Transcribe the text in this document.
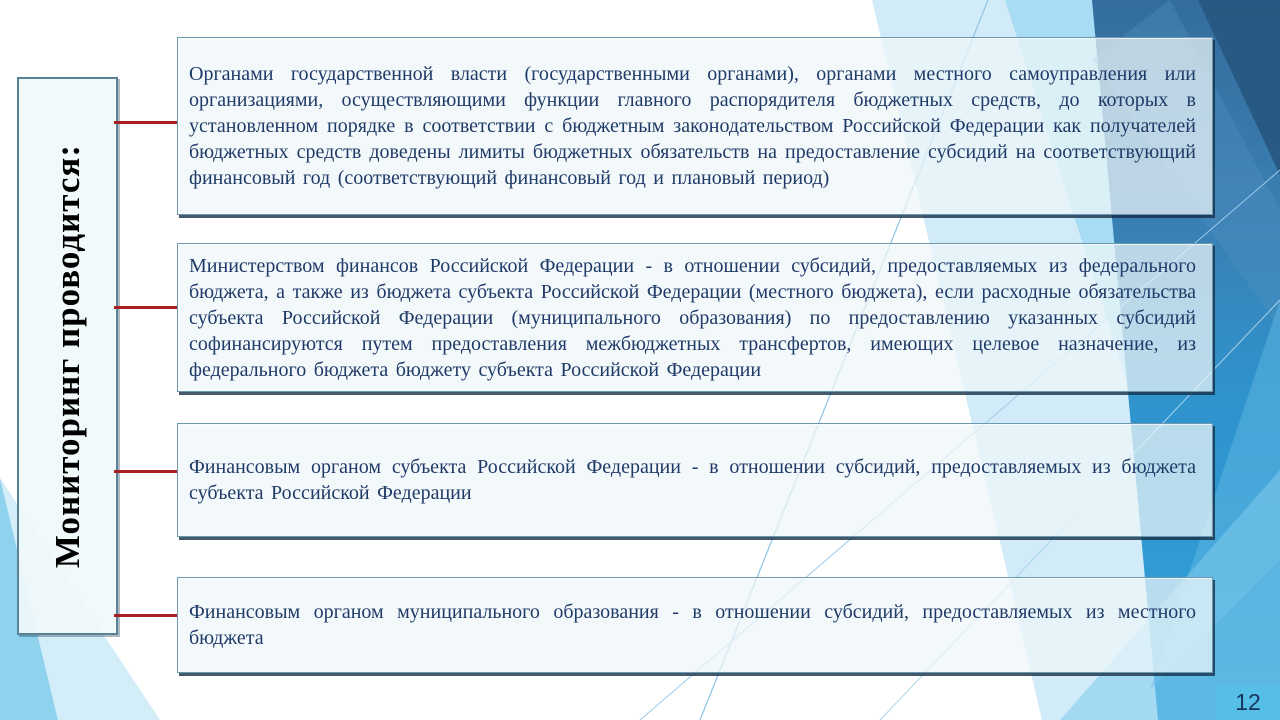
Мониторинг проводится:

Органами государственной власти (государственными органами), органами местного самоуправления или организациями, осуществляющими функции главного распорядителя бюджетных средств, до которых в установленном порядке в соответствии с бюджетным законодательством Российской Федерации как получателей бюджетных средств доведены лимиты бюджетных обязательств на предоставление субсидий на соответствующий финансовый год (соответствующий финансовый год и плановый период)

Министерством финансов Российской Федерации - в отношении субсидий, предоставляемых из федерального бюджета, а также из бюджета субъекта Российской Федерации (местного бюджета), если расходные обязательства субъекта Российской Федерации (муниципального образования) по предоставлению указанных субсидий софинансируются путем предоставления межбюджетных трансфертов, имеющих целевое назначение, из федерального бюджета бюджету субъекта Российской Федерации

Финансовым органом субъекта Российской Федерации - в отношении субсидий, предоставляемых из бюджета субъекта Российской Федерации

Финансовым органом муниципального образования - в отношении субсидий, предоставляемых из местного бюджета

12
